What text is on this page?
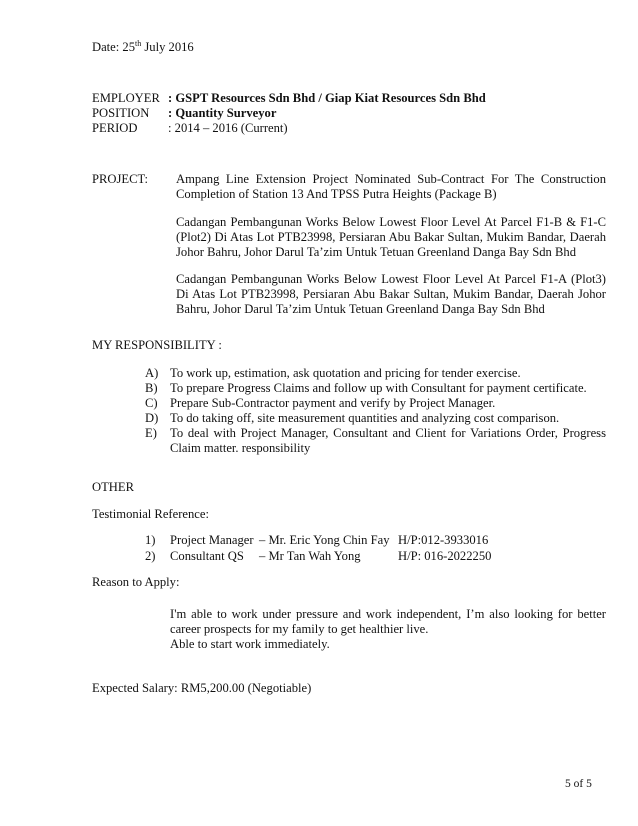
Date: 25th July 2016
EMPLOYER : GSPT Resources Sdn Bhd / Giap Kiat Resources Sdn Bhd
POSITION : Quantity Surveyor
PERIOD : 2014 – 2016 (Current)
PROJECT: Ampang Line Extension Project Nominated Sub-Contract For The Construction
Completion of Station 13 And TPSS Putra Heights (Package B)
Cadangan Pembangunan Works Below Lowest Floor Level At Parcel F1-B & F1-C
(Plot2) Di Atas Lot PTB23998, Persiaran Abu Bakar Sultan, Mukim Bandar, Daerah
Johor Bahru, Johor Darul Ta’zim Untuk Tetuan Greenland Danga Bay Sdn Bhd
Cadangan Pembangunan Works Below Lowest Floor Level At Parcel F1-A (Plot3)
Di Atas Lot PTB23998, Persiaran Abu Bakar Sultan, Mukim Bandar, Daerah Johor
Bahru, Johor Darul Ta’zim Untuk Tetuan Greenland Danga Bay Sdn Bhd
MY RESPONSIBILITY :
A) To work up, estimation, ask quotation and pricing for tender exercise.
B) To prepare Progress Claims and follow up with Consultant for payment certificate.
C) Prepare Sub-Contractor payment and verify by Project Manager.
D) To do taking off, site measurement quantities and analyzing cost comparison.
E) To deal with Project Manager, Consultant and Client for Variations Order, Progress
Claim matter. responsibility
OTHER
Testimonial Reference:
1) Project Manager – Mr. Eric Yong Chin Fay H/P:012-3933016
2) Consultant QS – Mr Tan Wah Yong	H/P: 016-2022250
Reason to Apply:
I'm able to work under pressure and work independent, I’m also looking for better
career prospects for my family to get healthier live.
Able to start work immediately.
Expected Salary: RM5,200.00 (Negotiable)
5 of 5
